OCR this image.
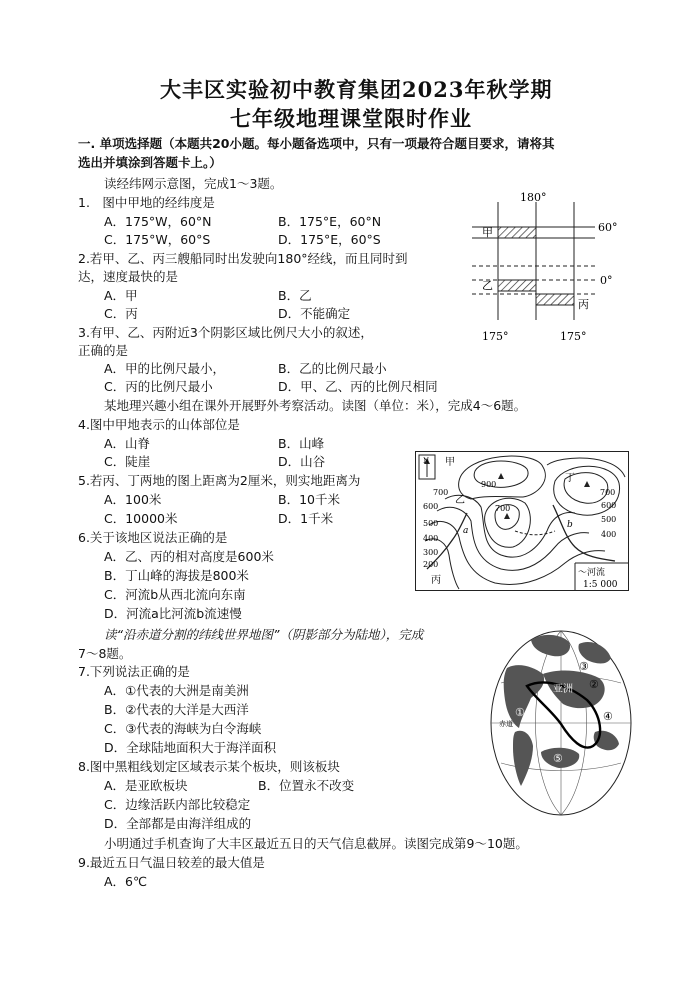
大丰区实验初中教育集团2023年秋学期
七年级地理课堂限时作业
一. 单项选择题（本题共20小题。每小题备选项中，只有一项最符合题目要求，请将其
选出并填涂到答题卡上。）
读经纬网示意图，完成1～3题。
1.　图中甲地的经纬度是
A．175°W，60°N	B．175°E，60°N
C．175°W，60°S	D．175°E，60°S
2.若甲、乙、丙三艘船同时出发驶向180°经线，而且同时到
达，速度最快的是
A．甲	B．乙
C．丙	D．不能确定
3.有甲、乙、丙附近3个阴影区域比例尺大小的叙述，
正确的是
A．甲的比例尺最小，	B．乙的比例尺最小
C．丙的比例尺最小	D．甲、乙、丙的比例尺相同
某地理兴趣小组在课外开展野外考察活动。读图（单位：米），完成4～6题。
4.图中甲地表示的山体部位是
A．山脊	B．山峰
C．陡崖	D．山谷
5.若丙、丁两地的图上距离为2厘米，则实地距离为
A．100米	B．10千米
C．10000米	D．1千米
6.关于该地区说法正确的是
A．乙、丙的相对高度是600米
B．丁山峰的海拔是800米
C．河流b从西北流向东南
D．河流a比河流b流速慢
读“沿赤道分割的纬线世界地图”（阴影部分为陆地），完成
7～8题。
7.下列说法正确的是
A．①代表的大洲是南美洲
B．②代表的大洋是大西洋
C．③代表的海峡为白令海峡
D．全球陆地面积大于海洋面积
8.图中黑粗线划定区域表示某个板块，则该板块
A．是亚欧板块	B．位置永不改变
C．边缘活跃内部比较稳定
D．全部都是由海洋组成的
小明通过手机查询了大丰区最近五日的天气信息截屏。读图完成第9～10题。
9.最近五日气温日较差的最大值是
A．6℃
180°
60°
0°
175°	175°
甲
乙
丙
N 甲
乙
丙
丁
900
700
600
500
400
300
200
700
700
600
500
400
a
b
〜河流
1:5 000
亚洲
赤道
①
②
③
④
⑤
